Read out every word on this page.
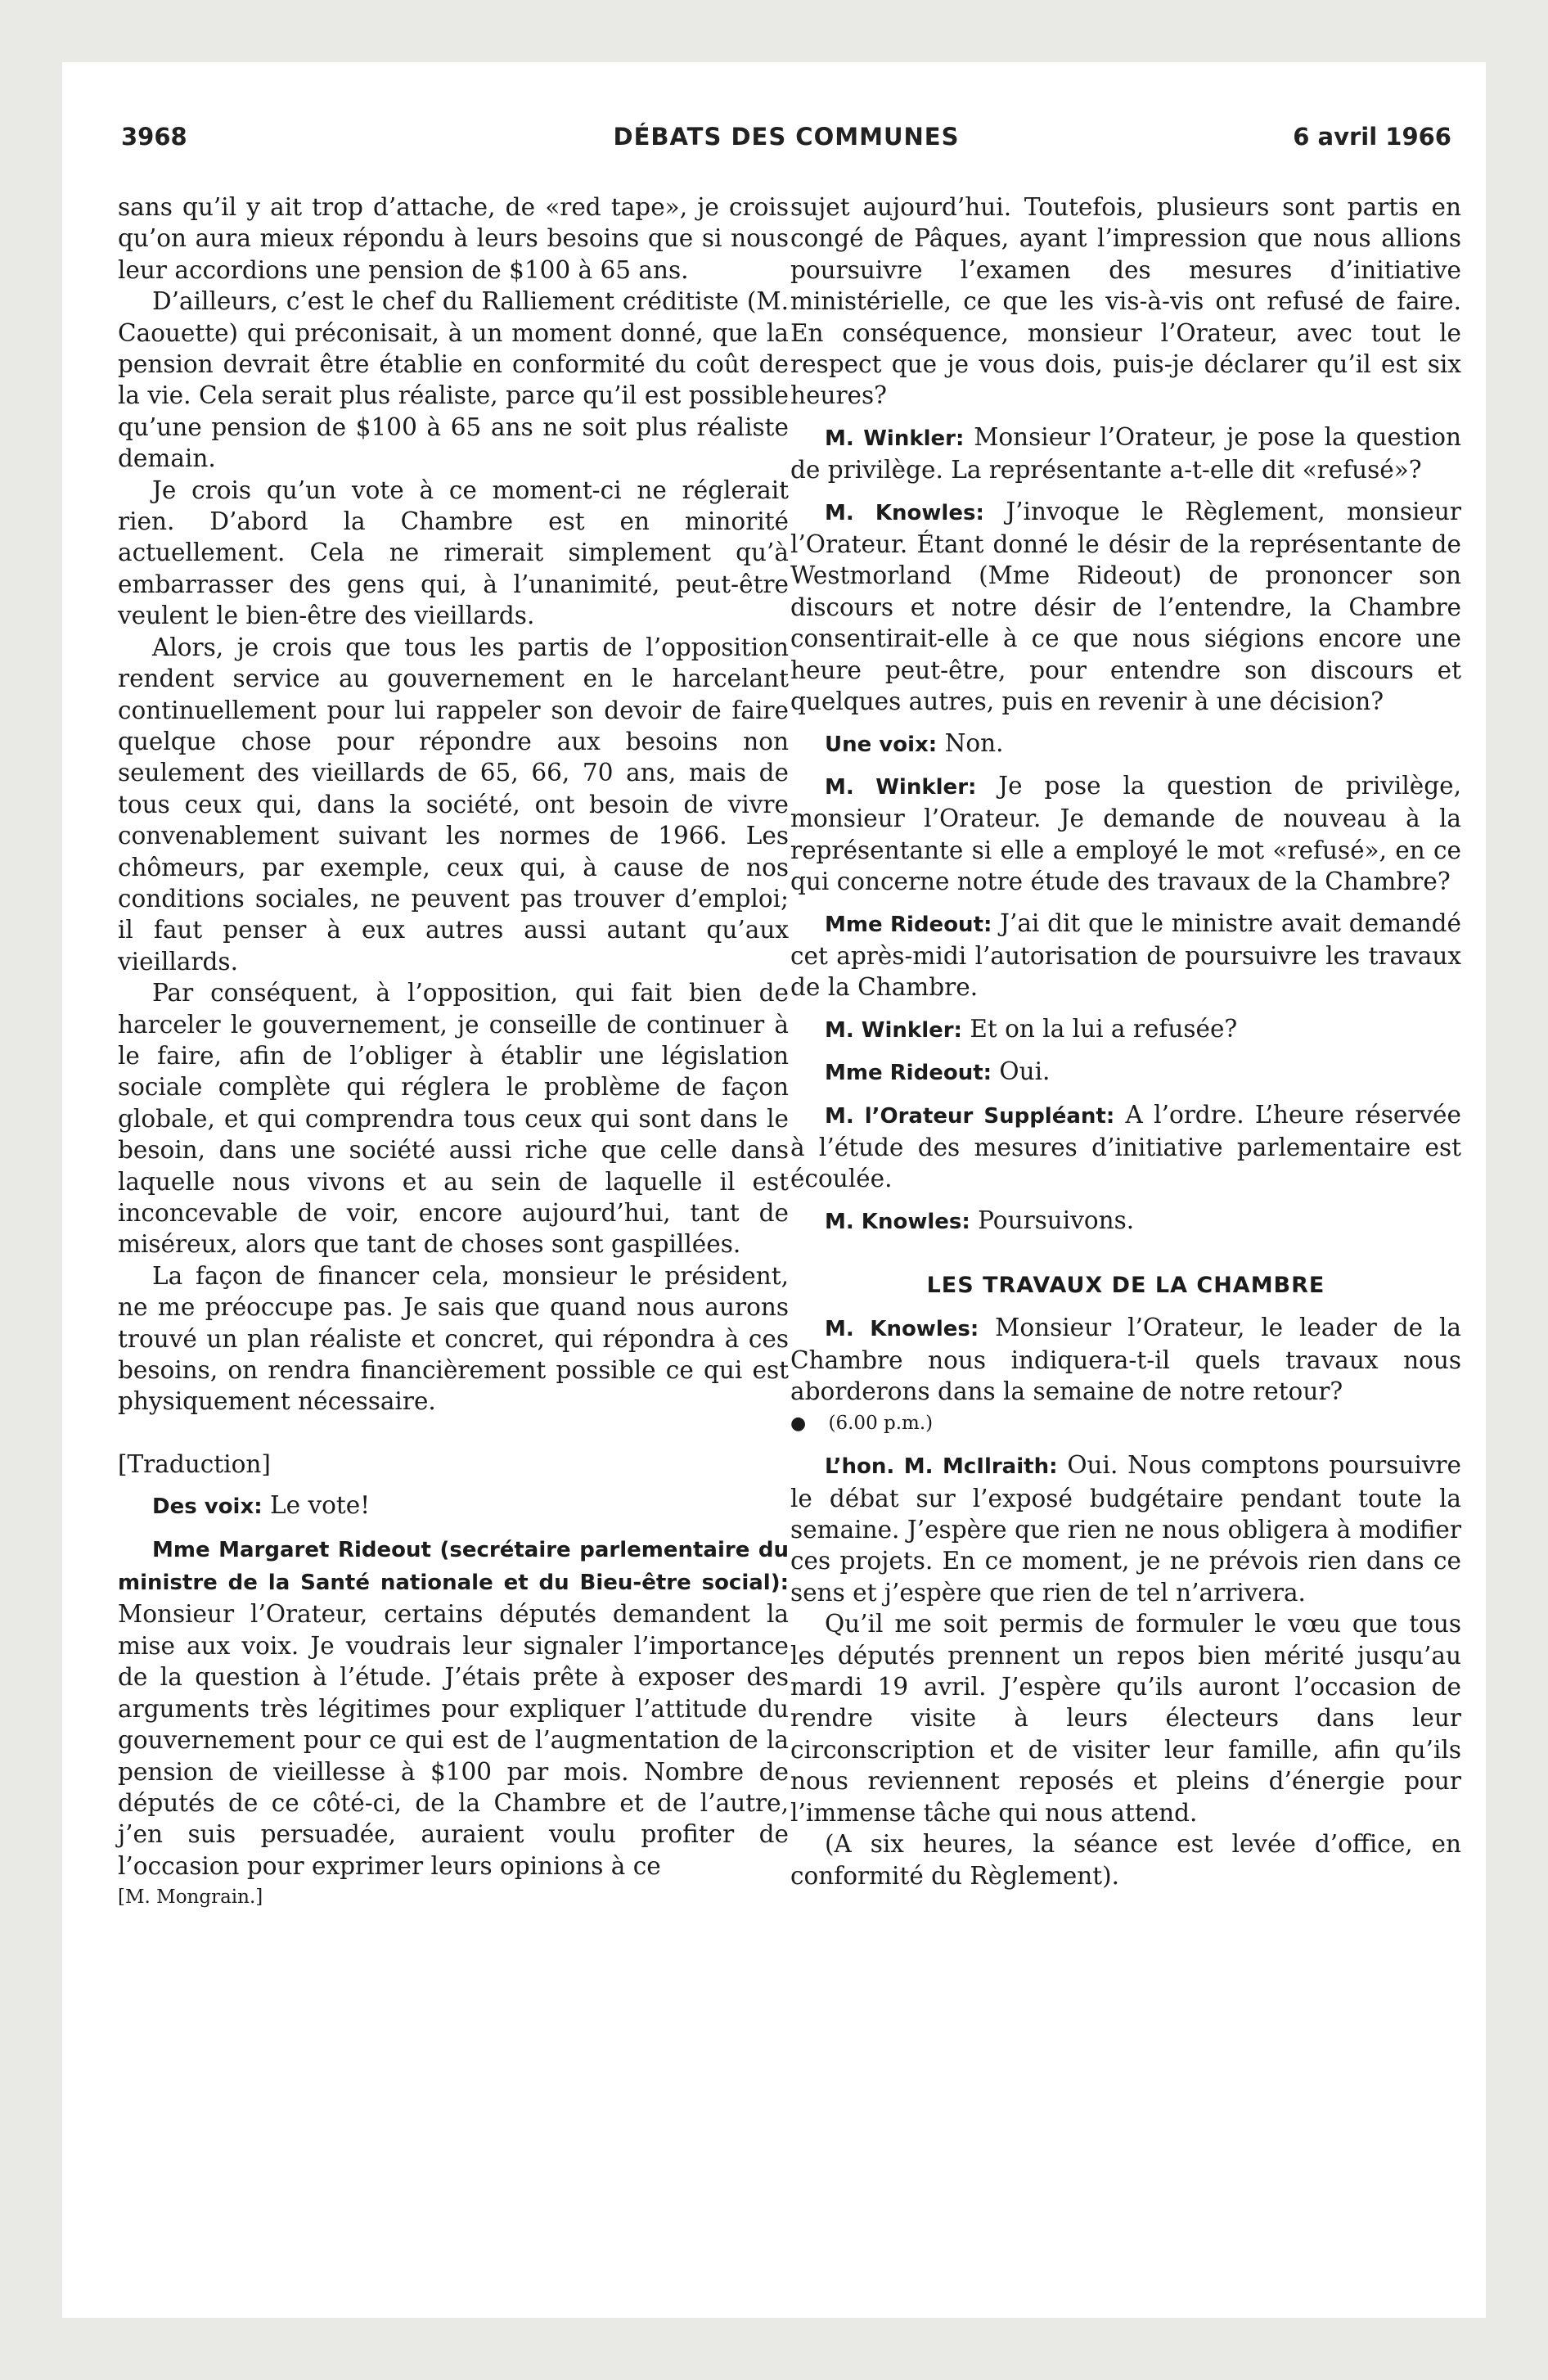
3968	DÉBATS DES COMMUNES	6 avril 1966

sans qu’il y ait trop d’attache, de «red tape», je crois qu’on aura mieux répondu à leurs besoins que si nous leur accordions une pension de $100 à 65 ans.

D’ailleurs, c’est le chef du Ralliement créditiste (M. Caouette) qui préconisait, à un moment donné, que la pension devrait être établie en conformité du coût de la vie. Cela serait plus réaliste, parce qu’il est possible qu’une pension de $100 à 65 ans ne soit plus réaliste demain.

Je crois qu’un vote à ce moment-ci ne réglerait rien. D’abord la Chambre est en minorité actuellement. Cela ne rimerait simplement qu’à embarrasser des gens qui, à l’unanimité, peut-être veulent le bien-être des vieillards.

Alors, je crois que tous les partis de l’opposition rendent service au gouvernement en le harcelant continuellement pour lui rappeler son devoir de faire quelque chose pour répondre aux besoins non seulement des vieillards de 65, 66, 70 ans, mais de tous ceux qui, dans la société, ont besoin de vivre convenablement suivant les normes de 1966. Les chômeurs, par exemple, ceux qui, à cause de nos conditions sociales, ne peuvent pas trouver d’emploi; il faut penser à eux autres aussi autant qu’aux vieillards.

Par conséquent, à l’opposition, qui fait bien de harceler le gouvernement, je conseille de continuer à le faire, afin de l’obliger à établir une législation sociale complète qui réglera le problème de façon globale, et qui comprendra tous ceux qui sont dans le besoin, dans une société aussi riche que celle dans laquelle nous vivons et au sein de laquelle il est inconcevable de voir, encore aujourd’hui, tant de miséreux, alors que tant de choses sont gaspillées.

La façon de financer cela, monsieur le président, ne me préoccupe pas. Je sais que quand nous aurons trouvé un plan réaliste et concret, qui répondra à ces besoins, on rendra financièrement possible ce qui est physiquement nécessaire.

[Traduction]

Des voix: Le vote!

Mme Margaret Rideout (secrétaire parlementaire du ministre de la Santé nationale et du Bieu-être social): Monsieur l’Orateur, certains députés demandent la mise aux voix. Je voudrais leur signaler l’importance de la question à l’étude. J’étais prête à exposer des arguments très légitimes pour expliquer l’attitude du gouvernement pour ce qui est de l’augmentation de la pension de vieillesse à $100 par mois. Nombre de députés de ce côté-ci, de la Chambre et de l’autre, j’en suis persuadée, auraient voulu profiter de l’occasion pour exprimer leurs opinions à ce

[M. Mongrain.]

sujet aujourd’hui. Toutefois, plusieurs sont partis en congé de Pâques, ayant l’impression que nous allions poursuivre l’examen des mesures d’initiative ministérielle, ce que les vis-à-vis ont refusé de faire. En conséquence, monsieur l’Orateur, avec tout le respect que je vous dois, puis-je déclarer qu’il est six heures?

M. Winkler: Monsieur l’Orateur, je pose la question de privilège. La représentante a-t-elle dit «refusé»?

M. Knowles: J’invoque le Règlement, monsieur l’Orateur. Étant donné le désir de la représentante de Westmorland (Mme Rideout) de prononcer son discours et notre désir de l’entendre, la Chambre consentirait-elle à ce que nous siégions encore une heure peut-être, pour entendre son discours et quelques autres, puis en revenir à une décision?

Une voix: Non.

M. Winkler: Je pose la question de privilège, monsieur l’Orateur. Je demande de nouveau à la représentante si elle a employé le mot «refusé», en ce qui concerne notre étude des travaux de la Chambre?

Mme Rideout: J’ai dit que le ministre avait demandé cet après-midi l’autorisation de poursuivre les travaux de la Chambre.

M. Winkler: Et on la lui a refusée?

Mme Rideout: Oui.

M. l’Orateur Suppléant: A l’ordre. L’heure réservée à l’étude des mesures d’initiative parlementaire est écoulée.

M. Knowles: Poursuivons.

LES TRAVAUX DE LA CHAMBRE

M. Knowles: Monsieur l’Orateur, le leader de la Chambre nous indiquera-t-il quels travaux nous aborderons dans la semaine de notre retour?

● (6.00 p.m.)

L’hon. M. McIlraith: Oui. Nous comptons poursuivre le débat sur l’exposé budgétaire pendant toute la semaine. J’espère que rien ne nous obligera à modifier ces projets. En ce moment, je ne prévois rien dans ce sens et j’espère que rien de tel n’arrivera.

Qu’il me soit permis de formuler le vœu que tous les députés prennent un repos bien mérité jusqu’au mardi 19 avril. J’espère qu’ils auront l’occasion de rendre visite à leurs électeurs dans leur circonscription et de visiter leur famille, afin qu’ils nous reviennent reposés et pleins d’énergie pour l’immense tâche qui nous attend.

(A six heures, la séance est levée d’office, en conformité du Règlement).
